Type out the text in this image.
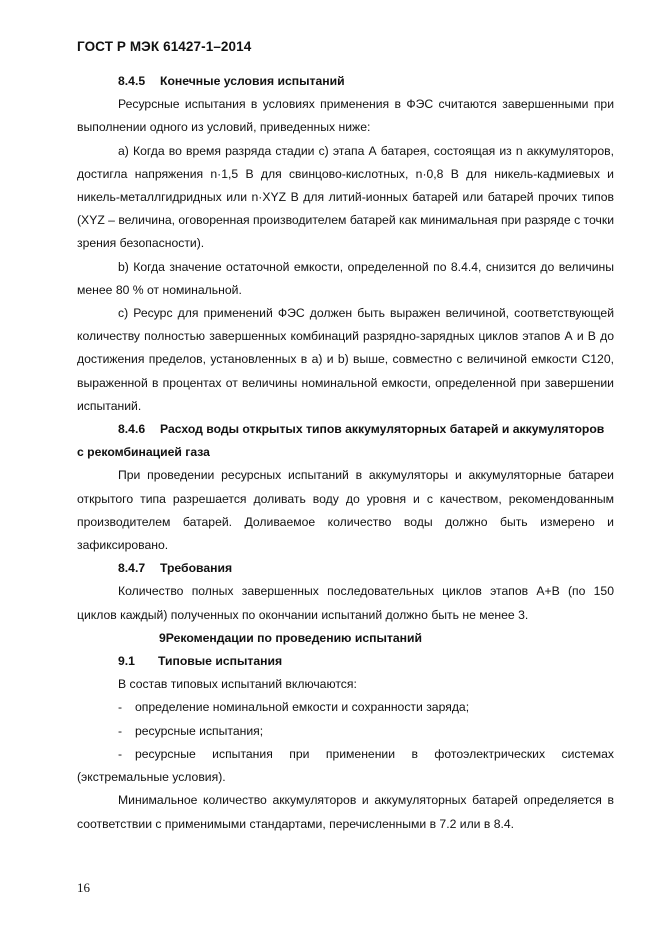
ГОСТ Р МЭК 61427-1–2014
8.4.5 Конечные условия испытаний

Ресурсные испытания в условиях применения в ФЭС считаются завершенными при выполнении одного из условий, приведенных ниже:

a) Когда во время разряда стадии с) этапа А батарея, состоящая из n аккумуляторов, достигла напряжения n·1,5 В для свинцово-кислотных, n·0,8 В для никель-кадмиевых и никель-металлгидридных или n·XYZ В для литий-ионных батарей или батарей прочих типов (XYZ – величина, оговоренная производителем батарей как минимальная при разряде с точки зрения безопасности).

b) Когда значение остаточной емкости, определенной по 8.4.4, снизится до величины менее 80 % от номинальной.

c) Ресурс для применений ФЭС должен быть выражен величиной, соответствующей количеству полностью завершенных комбинаций разрядно-зарядных циклов этапов А и В до достижения пределов, установленных в а) и b) выше, совместно с величиной емкости C120, выраженной в процентах от величины номинальной емкости, определенной при завершении испытаний.

8.4.6 Расход воды открытых типов аккумуляторных батарей и аккумуляторов с рекомбинацией газа

При проведении ресурсных испытаний в аккумуляторы и аккумуляторные батареи открытого типа разрешается доливать воду до уровня и с качеством, рекомендованным производителем батарей. Доливаемое количество воды должно быть измерено и зафиксировано.

8.4.7 Требования

Количество полных завершенных последовательных циклов этапов А+В (по 150 циклов каждый) полученных по окончании испытаний должно быть не менее 3.

9Рекомендации по проведению испытаний
9.1 Типовые испытания

В состав типовых испытаний включаются:

- определение номинальной емкости и сохранности заряда;

- ресурсные испытания;

- ресурсные испытания при применении в фотоэлектрических системах (экстремальные условия).

Минимальное количество аккумуляторов и аккумуляторных батарей определяется в соответствии с применимыми стандартами, перечисленными в 7.2 или в 8.4.

16
